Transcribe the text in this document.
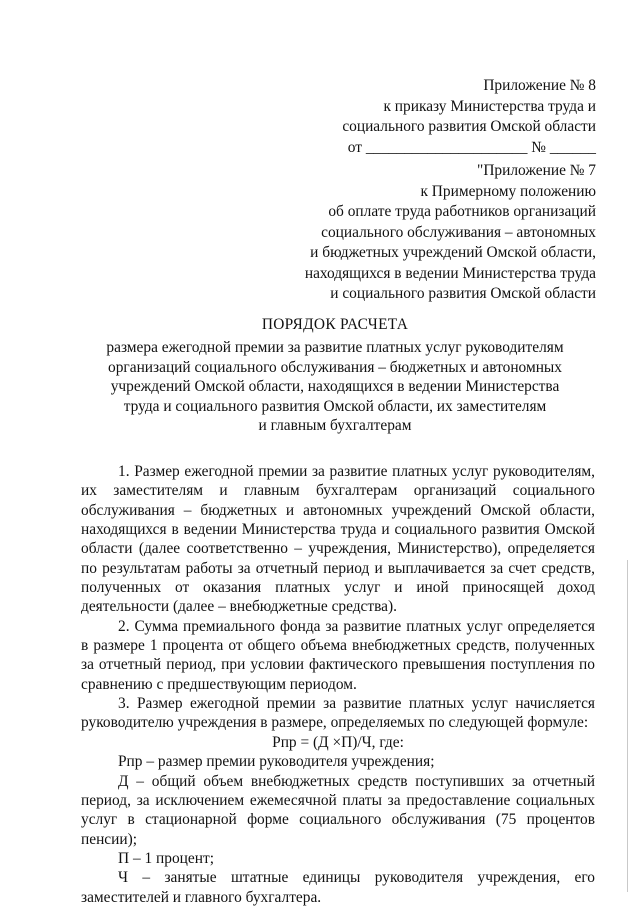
Приложение № 8
к приказу Министерства труда и
социального развития Омской области
от _____________________ № ______
"Приложение № 7
к Примерному положению
об оплате труда работников организаций
социального обслуживания – автономных
и бюджетных учреждений Омской области,
находящихся в ведении Министерства труда
и социального развития Омской области
ПОРЯДОК РАСЧЕТА
размера ежегодной премии за развитие платных услуг руководителям
организаций социального обслуживания – бюджетных и автономных
учреждений Омской области, находящихся в ведении Министерства
труда и социального развития Омской области, их заместителям
и главным бухгалтерам

1. Размер ежегодной премии за развитие платных услуг руководителям, их заместителям и главным бухгалтерам организаций социального обслуживания – бюджетных и автономных учреждений Омской области, находящихся в ведении Министерства труда и социального развития Омской области (далее соответственно – учреждения, Министерство), определяется по результатам работы за отчетный период и выплачивается за счет средств, полученных от оказания платных услуг и иной приносящей доход деятельности (далее – внебюджетные средства).

2. Сумма премиального фонда за развитие платных услуг определяется в размере 1 процента от общего объема внебюджетных средств, полученных за отчетный период, при условии фактического превышения поступления по сравнению с предшествующим периодом.

3. Размер ежегодной премии за развитие платных услуг начисляется руководителю учреждения в размере, определяемых по следующей формуле:

Рпр = (Д ×П)/Ч, где:

Рпр – размер премии руководителя учреждения;

Д – общий объем внебюджетных средств поступивших за отчетный период, за исключением ежемесячной платы за предоставление социальных услуг в стационарной форме социального обслуживания (75 процентов пенсии);

П – 1 процент;

Ч – занятые штатные единицы руководителя учреждения, его заместителей и главного бухгалтера.
